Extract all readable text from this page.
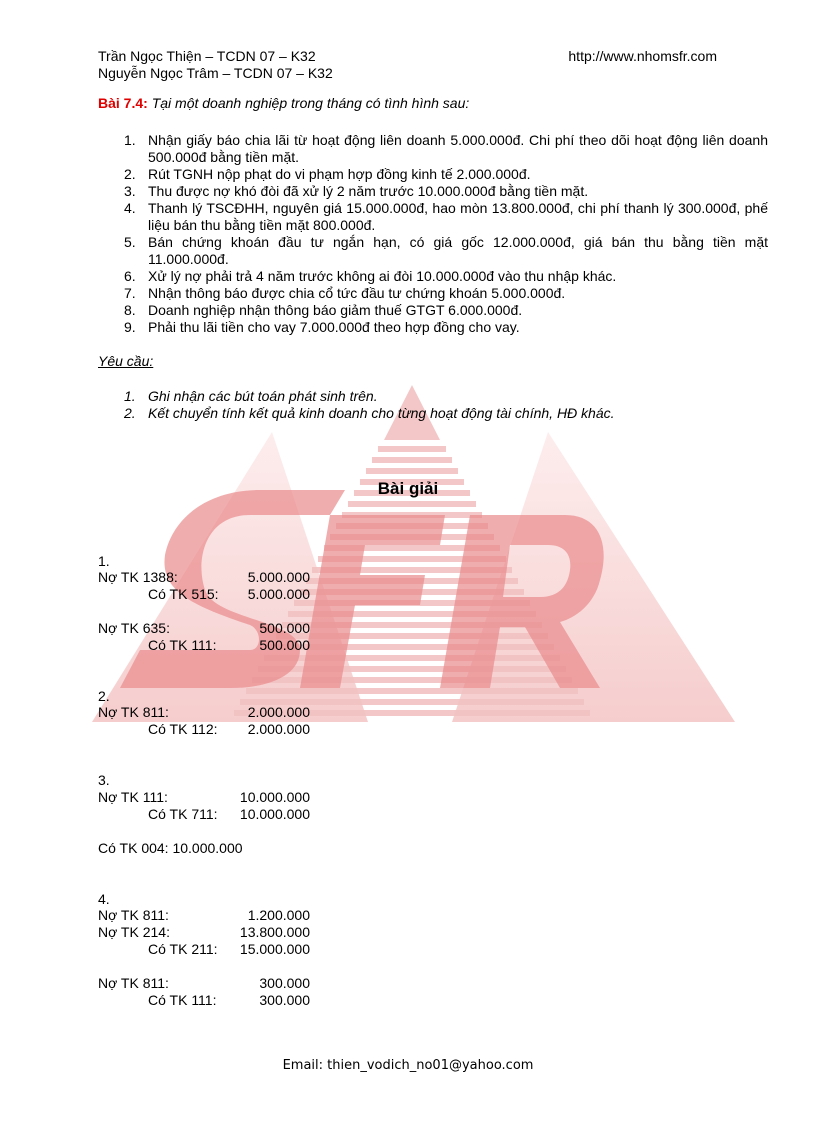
Trần Ngọc Thiện – TCDN 07 – K32
Nguyễn Ngọc Trâm – TCDN 07 – K32
http://www.nhomsfr.com
Bài 7.4: Tại một doanh nghiệp trong tháng có tình hình sau:
1. Nhận giấy báo chia lãi từ hoạt động liên doanh 5.000.000đ. Chi phí theo dõi hoạt động liên doanh 500.000đ bằng tiền mặt.
2. Rút TGNH nộp phạt do vi phạm hợp đồng kinh tế 2.000.000đ.
3. Thu được nợ khó đòi đã xử lý 2 năm trước 10.000.000đ bằng tiền mặt.
4. Thanh lý TSCĐHH, nguyên giá 15.000.000đ, hao mòn 13.800.000đ, chi phí thanh lý 300.000đ, phế liệu bán thu bằng tiền mặt 800.000đ.
5. Bán chứng khoán đầu tư ngắn hạn, có giá gốc 12.000.000đ, giá bán thu bằng tiền mặt 11.000.000đ.
6. Xử lý nợ phải trả 4 năm trước không ai đòi 10.000.000đ vào thu nhập khác.
7. Nhận thông báo được chia cổ tức đầu tư chứng khoán 5.000.000đ.
8. Doanh nghiệp nhận thông báo giảm thuế GTGT 6.000.000đ.
9. Phải thu lãi tiền cho vay 7.000.000đ theo hợp đồng cho vay.
Yêu cầu:
1. Ghi nhận các bút toán phát sinh trên.
2. Kết chuyển tính kết quả kinh doanh cho từng hoạt động tài chính, HĐ khác.
Bài giải
1.
Nợ TK 1388:	5.000.000
Có TK 515: 5.000.000
Nợ TK 635:	500.000
Có TK 111:	500.000
2.
Nợ TK 811:	2.000.000
Có TK 112: 2.000.000
3.
Nợ TK 111:	10.000.000
Có TK 711: 10.000.000
Có TK 004: 10.000.000
4.
Nợ TK 811:	1.200.000
Nợ TK 214:	13.800.000
Có TK 211: 15.000.000
Nợ TK 811:	300.000
Có TK 111:	300.000
Email: thien_vodich_no01@yahoo.com
